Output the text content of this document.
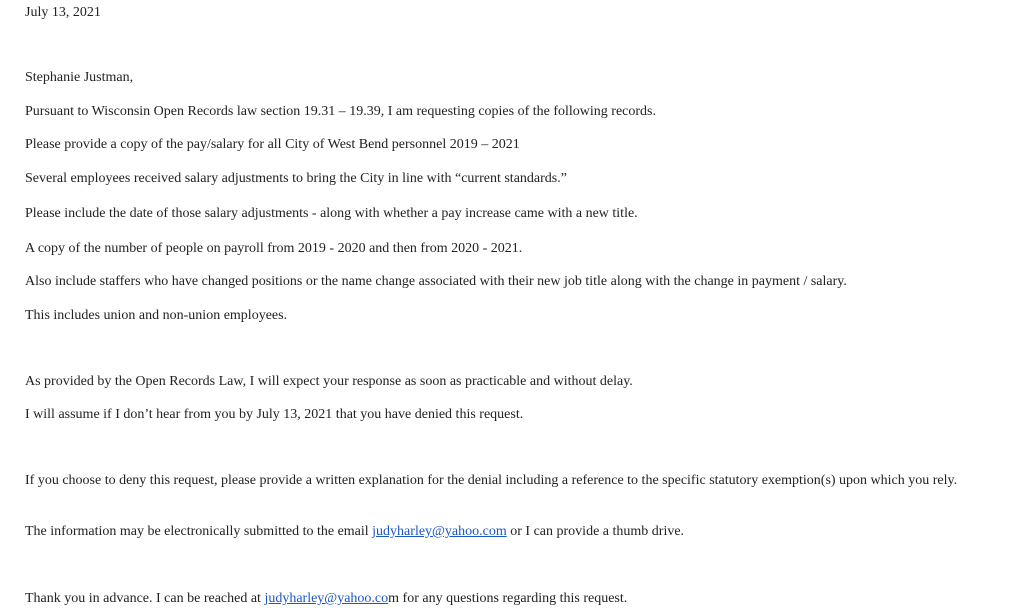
July 13, 2021
Stephanie Justman,
Pursuant to Wisconsin Open Records law section 19.31 – 19.39, I am requesting copies of the following records.
Please provide a copy of the pay/salary for all City of West Bend personnel 2019 – 2021
Several employees received salary adjustments to bring the City in line with “current standards.”
Please include the date of those salary adjustments - along with whether a pay increase came with a new title.
A copy of the number of people on payroll from 2019 - 2020 and then from 2020 - 2021.
Also include staffers who have changed positions or the name change associated with their new job title along with the change in payment / salary.
This includes union and non-union employees.
As provided by the Open Records Law, I will expect your response as soon as practicable and without delay.
I will assume if I don’t hear from you by July 13, 2021 that you have denied this request.
If you choose to deny this request, please provide a written explanation for the denial including a reference to the specific statutory exemption(s) upon which you rely.
The information may be electronically submitted to the email judyharley@yahoo.com or I can provide a thumb drive.
Thank you in advance. I can be reached at judyharley@yahoo.com for any questions regarding this request.
